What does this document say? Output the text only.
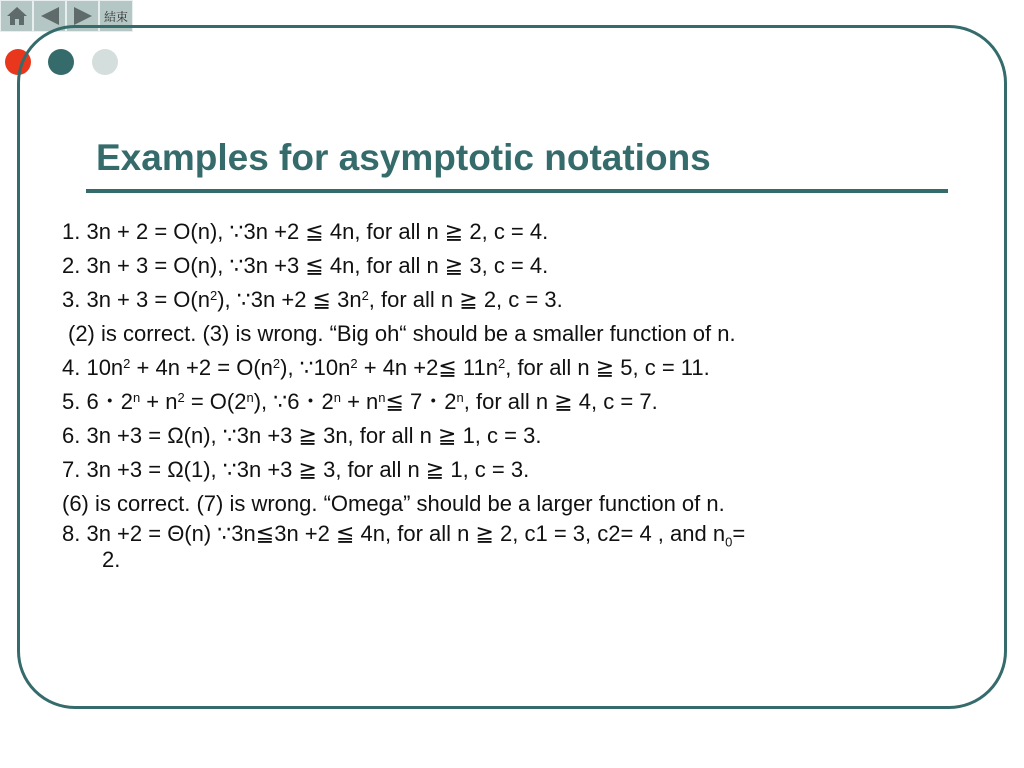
結束
Examples for asymptotic notations
1. 3n + 2 = O(n), ∵3n +2 ≦ 4n, for all n ≧ 2, c = 4.
2. 3n + 3 = O(n), ∵3n +3 ≦ 4n, for all n ≧ 3, c = 4.
3. $3n + 3 = O(n^2)$, ∵3n +2 ≦ $3n^2$, for all n ≧ 2, c = 3.
(2) is correct. (3) is wrong. “Big oh“ should be a smaller function of n.
4. $10n^2 + 4n +2 = O(n^2)$, $\because 10n^2 + 4n$ +2≦ $11n^2$, for all n ≧ 5, c = 11.
5. 6・$2^n + n^2 = O(2^n)$, ∵6・$2^n$ + $n^n≦$ 7・2$^n$, for all n ≧ 4, c = 7.
6. 3n +3 = Ω(n), ∵3n +3 ≧ 3n, for all n ≧ 1, c = 3.
7. 3n +3 = Ω(1), ∵3n +3 ≧ 3, for all n ≧ 1, c = 3.
(6) is correct. (7) is wrong. “Omega” should be a larger function of n.
8. 3n +2 = Θ(n) ∵3n≦3n +2 ≦ 4n, for all n ≧ 2, c1 = 3, c2= 4 , and $n_0=$
2.
